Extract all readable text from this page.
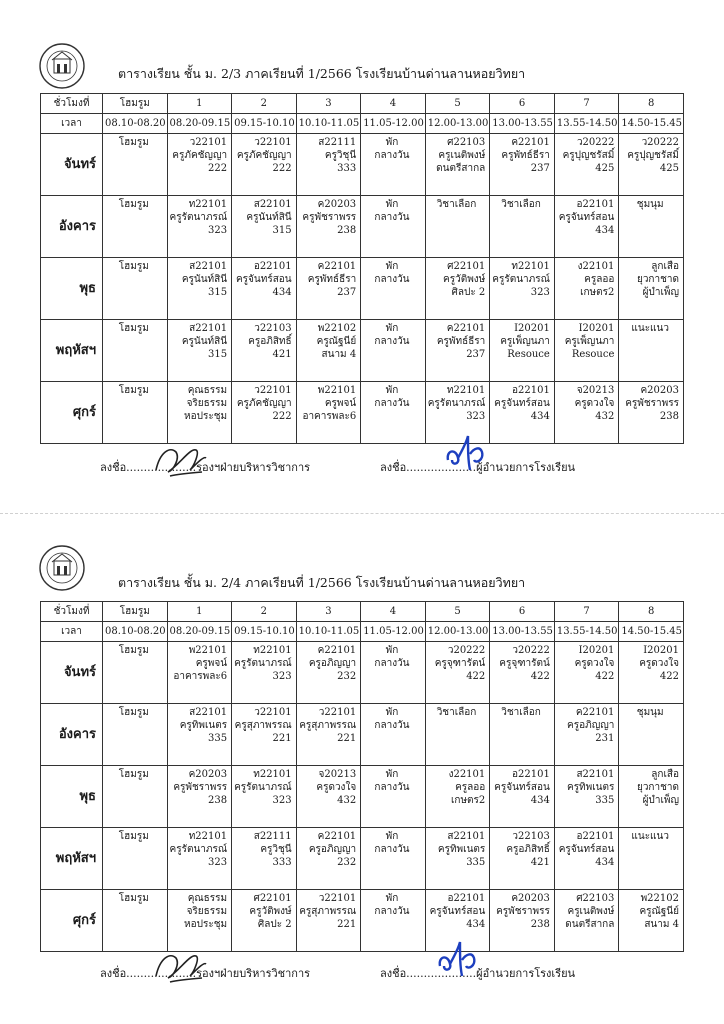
ตารางเรียน ชั้น ม. 2/3 ภาคเรียนที่ 1/2566 โรงเรียนบ้านด่านลานหอยวิทยา
ชั่วโมงที่	โฮมรูม	1	2	3	4	5	6	7	8
เวลา	08.10-08.20	08.20-09.15	09.15-10.10	10.10-11.05	11.05-12.00	12.00-13.00	13.00-13.55	13.55-14.50	14.50-15.45
จันทร์	โฮมรูม	ว22101
ครูภัคชัญญา
222	ว22101
ครูภัคชัญญา
222	ส22111
ครูวิชุนี
333	พัก
กลางวัน	ศ22103
ครูเนติพงษ์
ดนตรีสากล	ค22101
ครูพัทธ์ธีรา
237	ว20222
ครูปุญชรัสมิ์
425	ว20222
ครูปุญชรัสมิ์
425

อังคาร	โฮมรูม	ท22101
ครูรัตนาภรณ์
323	ส22101
ครูนันท์สินี
315	ค20203
ครูพัชราพรร
238	พัก
กลางวัน	วิชาเลือก	วิชาเลือก	อ22101
ครูจันทร์สอน
434	ชุมนุม

พุธ	โฮมรูม	ส22101
ครูนันท์สินี
315	อ22101
ครูจันทร์สอน
434	ค22101
ครูพัทธ์ธีรา
237	พัก
กลางวัน	ศ22101
ครูวัติพงษ์
ศิลปะ 2	ท22101
ครูรัตนาภรณ์
323	ง22101
ครูลออ
เกษตร2	ลูกเสือ
ยุวกาชาด
ผู้บำเพ็ญ

พฤหัสฯ	โฮมรูม	ส22101
ครูนันท์สินี
315	ว22103
ครูอภิสิทธิ์
421	พ22102
ครูณัฐนีย์
สนาม 4	พัก
กลางวัน	ค22101
ครูพัทธ์ธีรา
237	I20201
ครูเพ็ญนภา
Resouce	I20201
ครูเพ็ญนภา
Resouce	แนะแนว

ศุกร์	โฮมรูม	คุณธรรม
จริยธรรม
หอประชุม	ว22101
ครูภัคชัญญา
222	พ22101
ครูพจน์
อาคารพละ6	พัก
กลางวัน	ท22101
ครูรัตนาภรณ์
323	อ22101
ครูจันทร์สอน
434	จ20213
ครูดวงใจ
432	ค20203
ครูพัชราพรร
238
ลงชื่อ....................รองฯฝ่ายบริหารวิชาการ	ลงชื่อ....................ผู้อำนวยการโรงเรียน
ตารางเรียน ชั้น ม. 2/4 ภาคเรียนที่ 1/2566 โรงเรียนบ้านด่านลานหอยวิทยา
ชั่วโมงที่	โฮมรูม	1	2	3	4	5	6	7	8
เวลา	08.10-08.20	08.20-09.15	09.15-10.10	10.10-11.05	11.05-12.00	12.00-13.00	13.00-13.55	13.55-14.50	14.50-15.45
จันทร์	โฮมรูม	พ22101
ครูพจน์
อาคารพละ6	ท22101
ครูรัตนาภรณ์
323	ค22101
ครูอภิญญา
232	พัก
กลางวัน	ว20222
ครูจุฑารัตน์
422	ว20222
ครูจุฑารัตน์
422	I20201
ครูดวงใจ
422	I20201
ครูดวงใจ
422

อังคาร	โฮมรูม	ส22101
ครูทิพเนตร
335	ว22101
ครูสุภาพรรณ
221	ว22101
ครูสุภาพรรณ
221	พัก
กลางวัน	วิชาเลือก	วิชาเลือก	ค22101
ครูอภิญญา
231	ชุมนุม

พุธ	โฮมรูม	ค20203
ครูพัชราพรร
238	ท22101
ครูรัตนาภรณ์
323	จ20213
ครูดวงใจ
432	พัก
กลางวัน	ง22101
ครูลออ
เกษตร2	อ22101
ครูจันทร์สอน
434	ส22101
ครูทิพเนตร
335	ลูกเสือ
ยุวกาชาด
ผู้บำเพ็ญ

พฤหัสฯ	โฮมรูม	ท22101
ครูรัตนาภรณ์
323	ส22111
ครูวิชุนี
333	ค22101
ครูอภิญญา
232	พัก
กลางวัน	ส22101
ครูทิพเนตร
335	ว22103
ครูอภิสิทธิ์
421	อ22101
ครูจันทร์สอน
434	แนะแนว

ศุกร์	โฮมรูม	คุณธรรม
จริยธรรม
หอประชุม	ศ22101
ครูวัติพงษ์
ศิลปะ 2	ว22101
ครูสุภาพรรณ
221	พัก
กลางวัน	อ22101
ครูจันทร์สอน
434	ค20203
ครูพัชราพรร
238	ศ22103
ครูเนติพงษ์
ดนตรีสากล	พ22102
ครูณัฐนีย์
สนาม 4
ลงชื่อ....................รองฯฝ่ายบริหารวิชาการ	ลงชื่อ....................ผู้อำนวยการโรงเรียน
